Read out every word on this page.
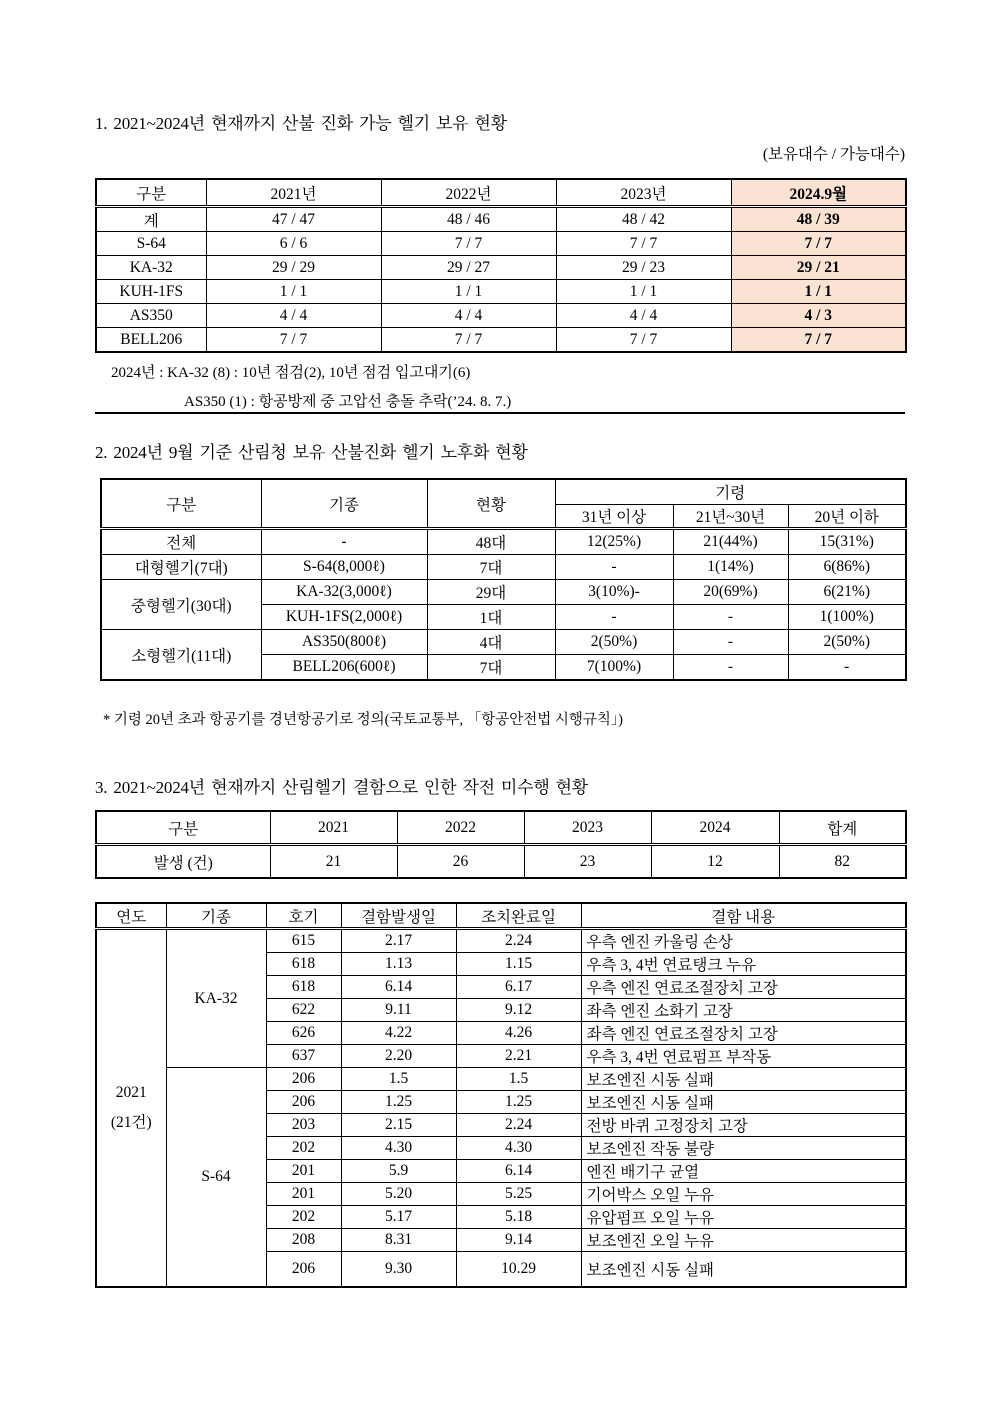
1. 2021~2024년 현재까지 산불 진화 가능 헬기 보유 현황
(보유대수 / 가능대수)
구분	2021년	2022년	2023년	2024.9월
계	47 / 47	48 / 46	48 / 42	48 / 39
S-64	6 / 6	7 / 7	7 / 7	7 / 7
KA-32	29 / 29	29 / 27	29 / 23	29 / 21
KUH-1FS	1 / 1	1 / 1	1 / 1	1 / 1
AS350	4 / 4	4 / 4	4 / 4	4 / 3
BELL206	7 / 7	7 / 7	7 / 7	7 / 7
2024년 : KA-32 (8) : 10년 점검(2), 10년 점검 입고대기(6)
AS350 (1) : 항공방제 중 고압선 충돌 추락(’24. 8. 7.)
2. 2024년 9월 기준 산림청 보유 산불진화 헬기 노후화 현황
구분	기종	현황	기령		
			31년 이상	21년~30년	20년 이하
전체	-	48대	12(25%)	21(44%)	15(31%)
대형헬기(7대)	S-64(8,000ℓ)	7대	-	1(14%)	6(86%)
중형헬기(30대)	KA-32(3,000ℓ)	29대	3(10%)-	20(69%)	6(21%)
	KUH-1FS(2,000ℓ)	1대	-	-	1(100%)
소형헬기(11대)	AS350(800ℓ)	4대	2(50%)	-	2(50%)
	BELL206(600ℓ)	7대	7(100%)	-	-
* 기령 20년 초과 항공기를 경년항공기로 정의(국토교통부, 「항공안전법 시행규칙」)
3. 2021~2024년 현재까지 산림헬기 결함으로 인한 작전 미수행 현황
구분	2021	2022	2023	2024	합계
발생 (건)	21	26	23	12	82
연도	기종	호기	결함발생일	조치완료일	결함 내용

2021
(21건)	KA-32	615	2.17	2.24	우측 엔진 카울링 손상
		618	1.13	1.15	우측 3, 4번 연료탱크 누유
		618	6.14	6.17	우측 엔진 연료조절장치 고장
		622	9.11	9.12	좌측 엔진 소화기 고장
		626	4.22	4.26	좌측 엔진 연료조절장치 고장
		637	2.20	2.21	우측 3, 4번 연료펌프 부작동
	S-64	206	1.5	1.5	보조엔진 시동 실패
		206	1.25	1.25	보조엔진 시동 실패
		203	2.15	2.24	전방 바퀴 고정장치 고장
		202	4.30	4.30	보조엔진 작동 불량
		201	5.9	6.14	엔진 배기구 균열
		201	5.20	5.25	기어박스 오일 누유
		202	5.17	5.18	유압펌프 오일 누유
		208	8.31	9.14	보조엔진 오일 누유
		206	9.30	10.29	보조엔진 시동 실패
